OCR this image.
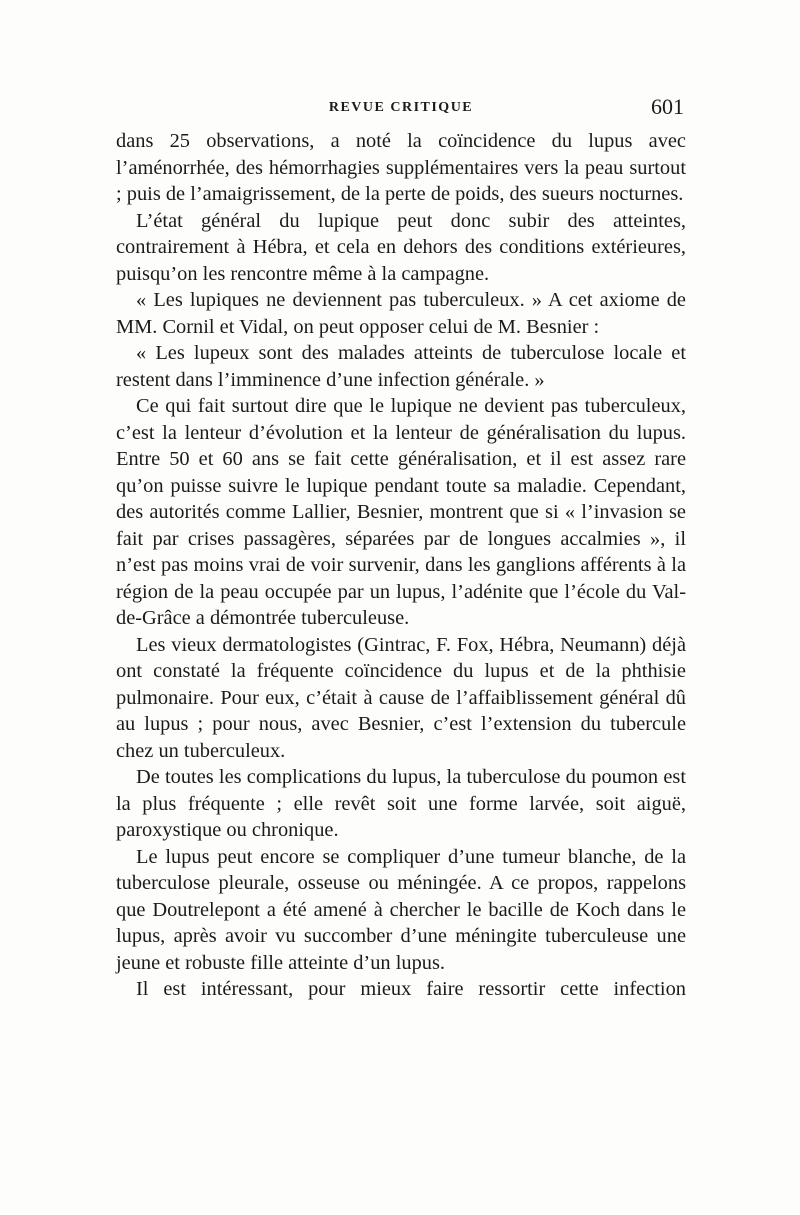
REVUE CRITIQUE	601

dans 25 observations, a noté la coïncidence du lupus avec l’aménorrhée, des hémorrhagies supplémentaires vers la peau surtout ; puis de l’amaigrissement, de la perte de poids, des sueurs nocturnes.

L’état général du lupique peut donc subir des atteintes, contrairement à Hébra, et cela en dehors des conditions extérieures, puisqu’on les rencontre même à la campagne.

« Les lupiques ne deviennent pas tuberculeux. » A cet axiome de MM. Cornil et Vidal, on peut opposer celui de M. Besnier :

« Les lupeux sont des malades atteints de tuberculose locale et restent dans l’imminence d’une infection générale. »

Ce qui fait surtout dire que le lupique ne devient pas tuberculeux, c’est la lenteur d’évolution et la lenteur de généralisation du lupus. Entre 50 et 60 ans se fait cette généralisation, et il est assez rare qu’on puisse suivre le lupique pendant toute sa maladie. Cependant, des autorités comme Lallier, Besnier, montrent que si « l’invasion se fait par crises passagères, séparées par de longues accalmies », il n’est pas moins vrai de voir survenir, dans les ganglions afférents à la région de la peau occupée par un lupus, l’adénite que l’école du Val-de-Grâce a démontrée tuberculeuse.

Les vieux dermatologistes (Gintrac, F. Fox, Hébra, Neumann) déjà ont constaté la fréquente coïncidence du lupus et de la phthisie pulmonaire. Pour eux, c’était à cause de l’affaiblissement général dû au lupus ; pour nous, avec Besnier, c’est l’extension du tubercule chez un tuberculeux.

De toutes les complications du lupus, la tuberculose du poumon est la plus fréquente ; elle revêt soit une forme larvée, soit aiguë, paroxystique ou chronique.

Le lupus peut encore se compliquer d’une tumeur blanche, de la tuberculose pleurale, osseuse ou méningée. A ce propos, rappelons que Doutrelepont a été amené à chercher le bacille de Koch dans le lupus, après avoir vu succomber d’une méningite tuberculeuse une jeune et robuste fille atteinte d’un lupus.

Il est intéressant, pour mieux faire ressortir cette infection
